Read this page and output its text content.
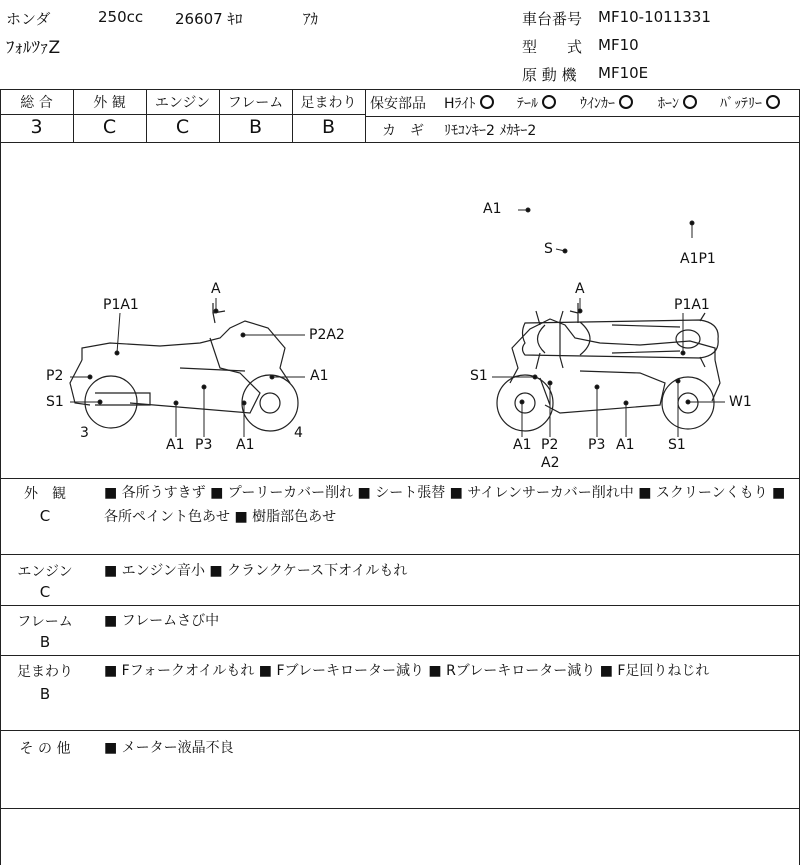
ホンダ	250cc 26607 ｷﾛ	ｱｶ
ﾌｫﾙﾂｧZ
車台番号 MF10-1011331
型　　式 MF10
原 動 機 MF10E
総 合	外 観	エンジン	フレーム	足まわり
3	C	C	B	B
保安部品 Hﾗｲﾄ	ﾃｰﾙ	ｳｲﾝｶｰ	ﾎｰﾝ	ﾊﾞｯﾃﾘｰ
カ　ギ ﾘﾓｺﾝｷｰ2 ﾒｶｷｰ2
A1
S
A1P1
A
P1A1
P2A2
P2
S1
A1
3
A1 P3 A1
4
A
P1A1
S1
W1
A1 P2
A2
P3 A1 S1
外　観
C
■ 各所うすきず ■ プーリーカバー削れ ■ シート張替 ■ サイレンサーカバー削れ中 ■ スクリーンくもり ■ 各所ペイント色あせ ■ 樹脂部色あせ
エンジン
C
■ エンジン音小 ■ クランクケース下オイルもれ
フレーム
B
■ フレームさび中
足まわり
B
■ Fフォークオイルもれ ■ Fブレーキローター減り ■ Rブレーキローター減り ■ F足回りねじれ
そ の 他	■ メーター液晶不良
